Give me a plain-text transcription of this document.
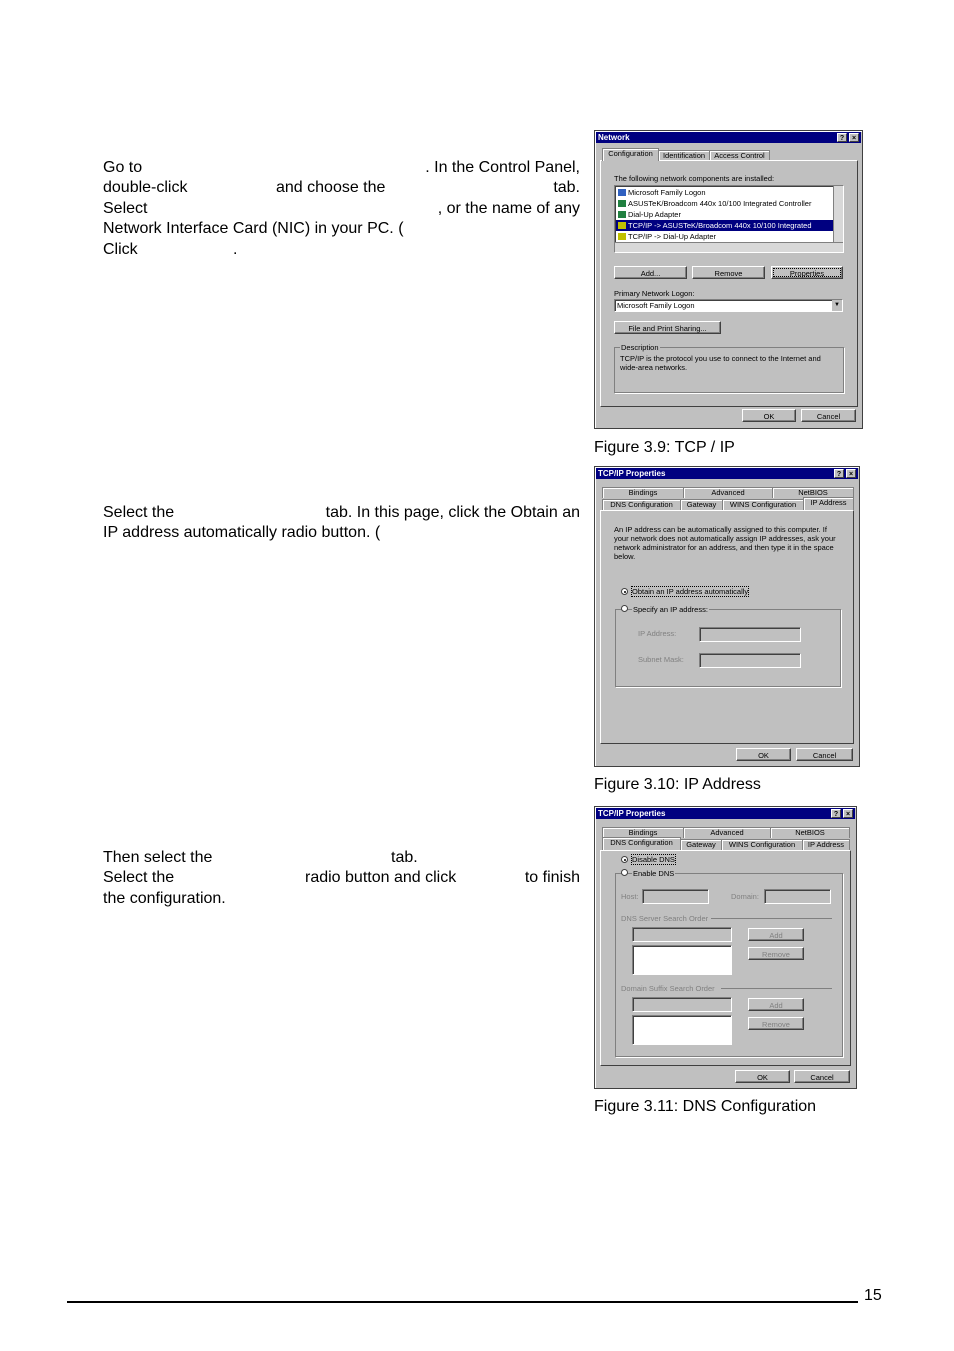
Go to	. In the Control Panel,
double-click	and choose the	tab.
Select	, or the name of any
Network Interface Card (NIC) in your PC. (
Click	.
Select the	tab. In this page, click the Obtain an
IP address automatically radio button. (
Then select the	tab.
Select the	radio button and click	to finish
the configuration.
Network	?	×
Configuration	Identification	Access Control
The following network components are installed:
Microsoft Family Logon
ASUSTeK/Broadcom 440x 10/100 Integrated Controller
Dial-Up Adapter
TCP/IP -> ASUSTeK/Broadcom 440x 10/100 Integrated
TCP/IP -> Dial-Up Adapter
Add...	Remove	Properties
Primary Network Logon:
Microsoft Family Logon	▼
File and Print Sharing...
Description
TCP/IP is the protocol you use to connect to the Internet and wide-area networks.
OK	Cancel
Figure 3.9: TCP / IP
TCP/IP Properties	?	×
Bindings	Advanced	NetBIOS
DNS Configuration	Gateway	WINS Configuration	IP Address
An IP address can be automatically assigned to this computer. If your network does not automatically assign IP addresses, ask your network administrator for an address, and then type it in the space below.
Obtain an IP address automatically
Specify an IP address:
IP Address:
Subnet Mask:
OK	Cancel
Figure 3.10: IP Address
TCP/IP Properties	?	×
Bindings	Advanced	NetBIOS
DNS Configuration	Gateway	WINS Configuration	IP Address
Disable DNS
Enable DNS
Host:	Domain:
DNS Server Search Order
Add
Remove
Domain Suffix Search Order
Add
Remove
OK	Cancel
Figure 3.11: DNS Configuration
15
